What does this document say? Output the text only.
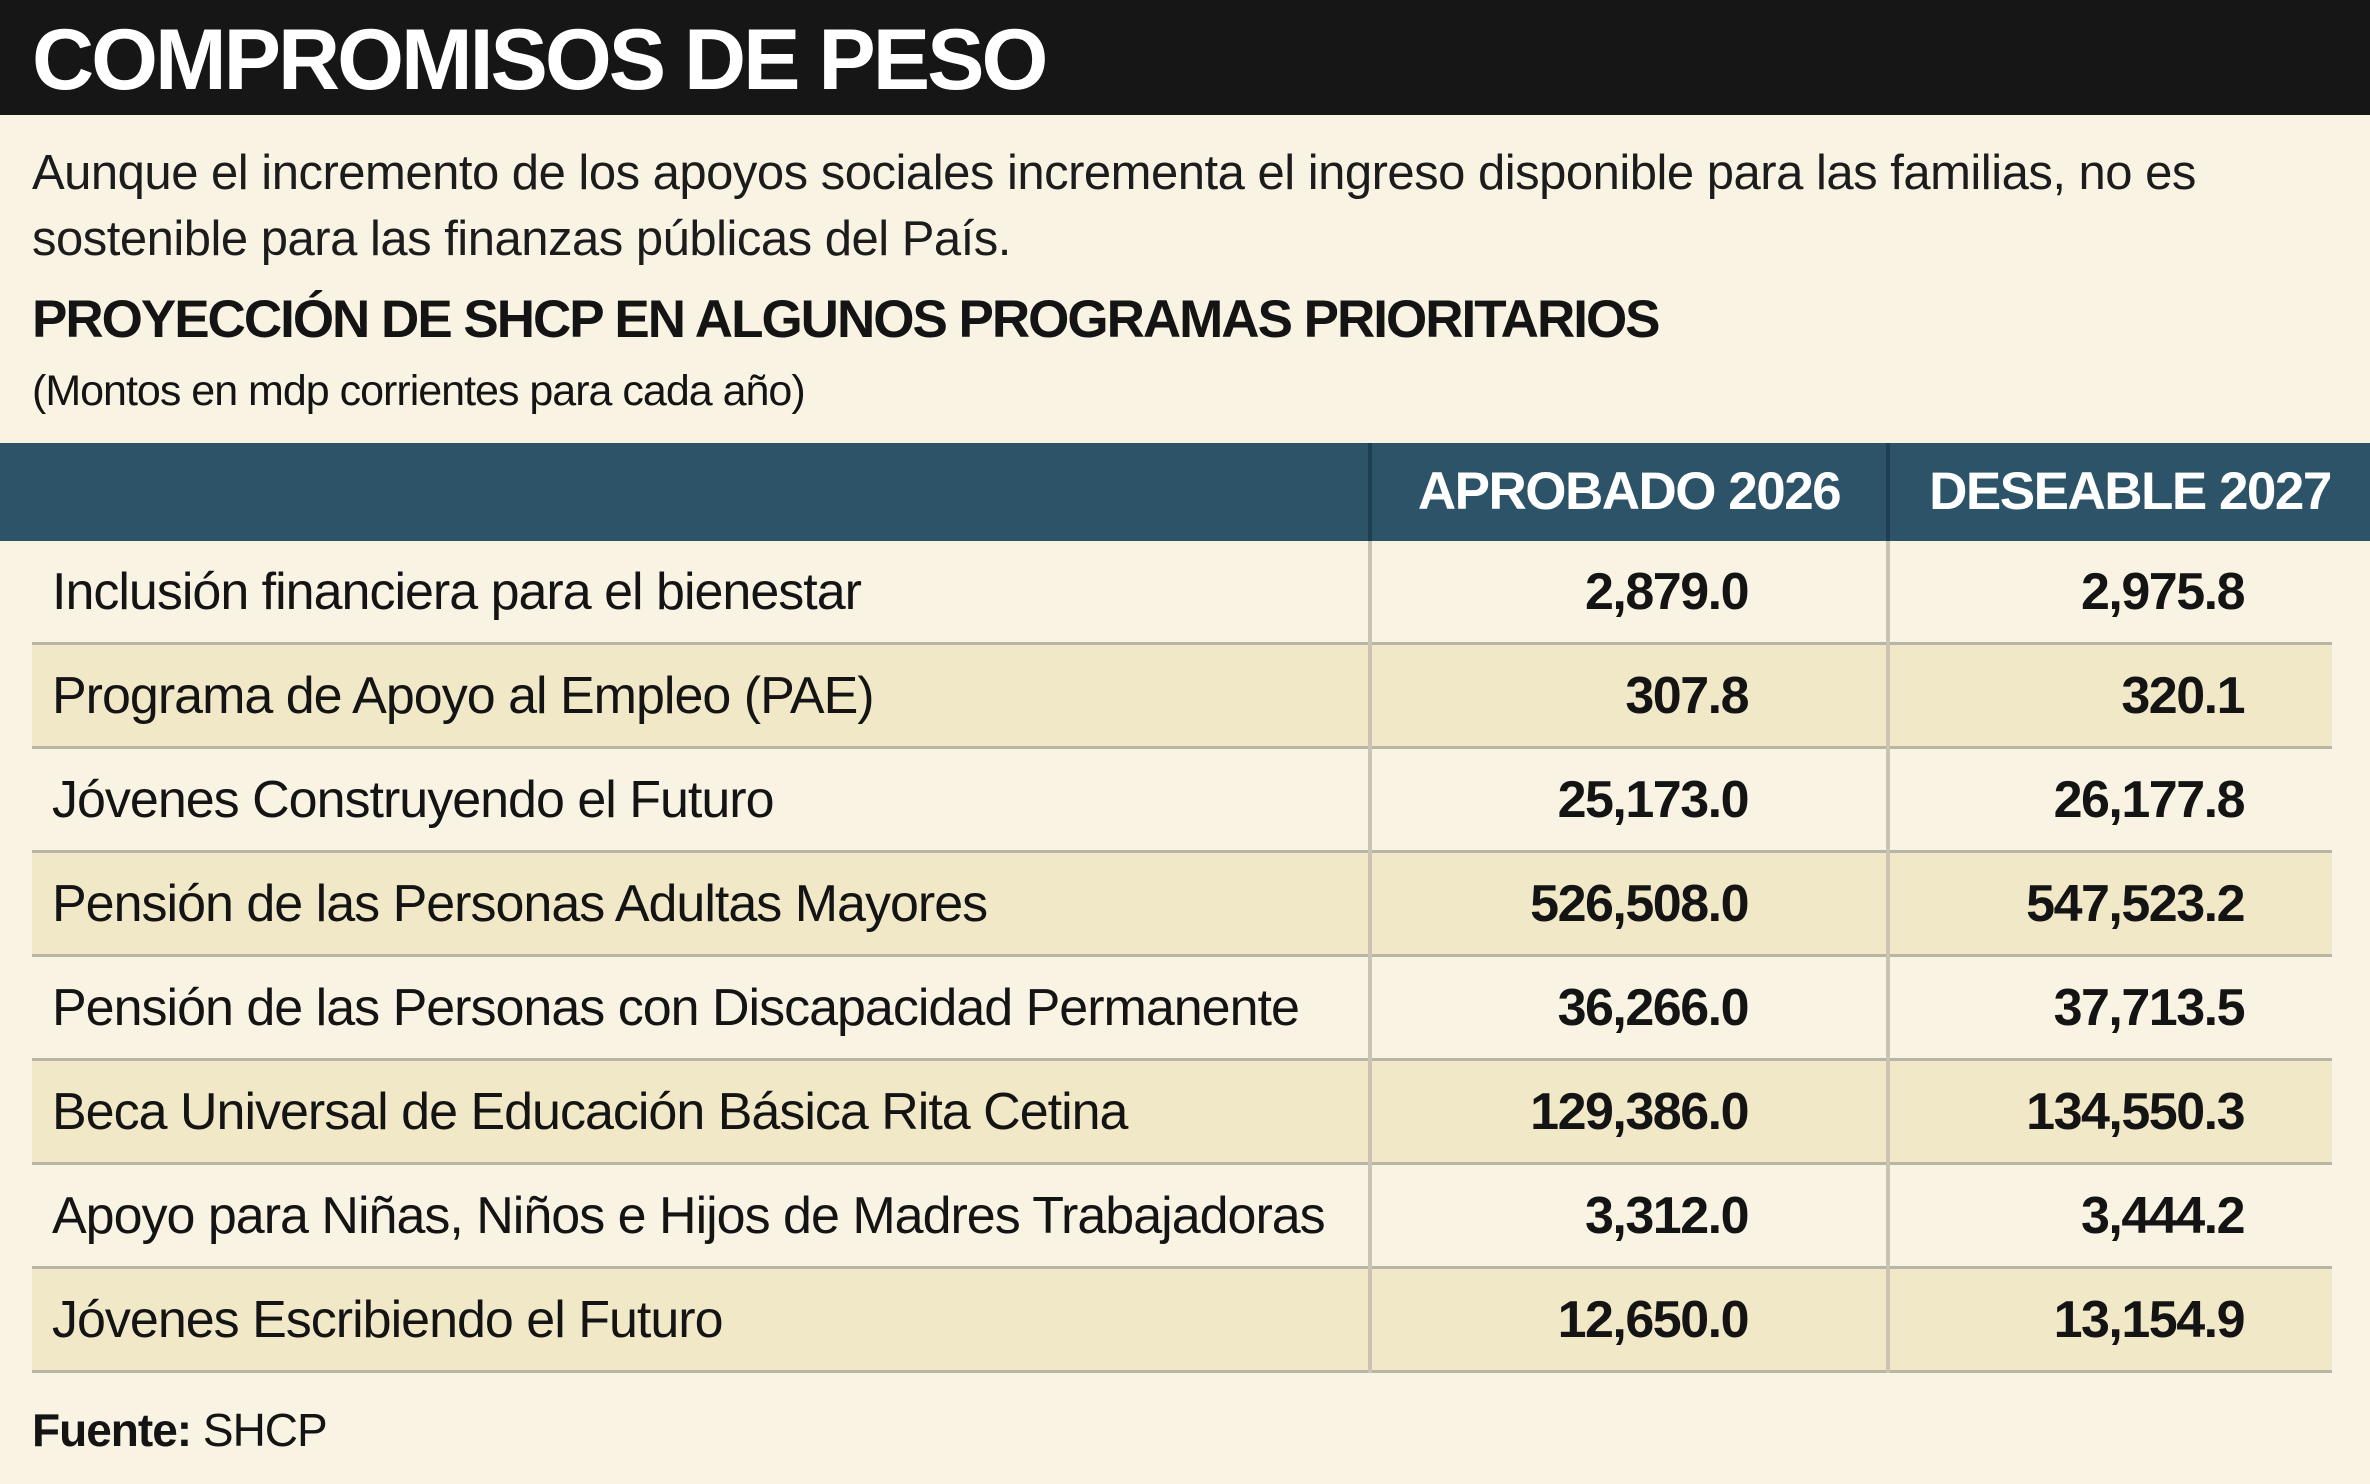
COMPROMISOS DE PESO

Aunque el incremento de los apoyos sociales incrementa el ingreso disponible para las familias, no es sostenible para las finanzas públicas del País.

PROYECCIÓN DE SHCP EN ALGUNOS PROGRAMAS PRIORITARIOS
(Montos en mdp corrientes para cada año)
APROBADO 2026	DESEABLE 2027
Inclusión financiera para el bienestar	2,879.0	2,975.8
Programa de Apoyo al Empleo (PAE)	307.8	320.1
Jóvenes Construyendo el Futuro	25,173.0	26,177.8
Pensión de las Personas Adultas Mayores	526,508.0	547,523.2
Pensión de las Personas con Discapacidad Permanente	36,266.0	37,713.5
Beca Universal de Educación Básica Rita Cetina	129,386.0	134,550.3
Apoyo para Niñas, Niños e Hijos de Madres Trabajadoras	3,312.0	3,444.2
Jóvenes Escribiendo el Futuro	12,650.0	13,154.9
Fuente: SHCP
